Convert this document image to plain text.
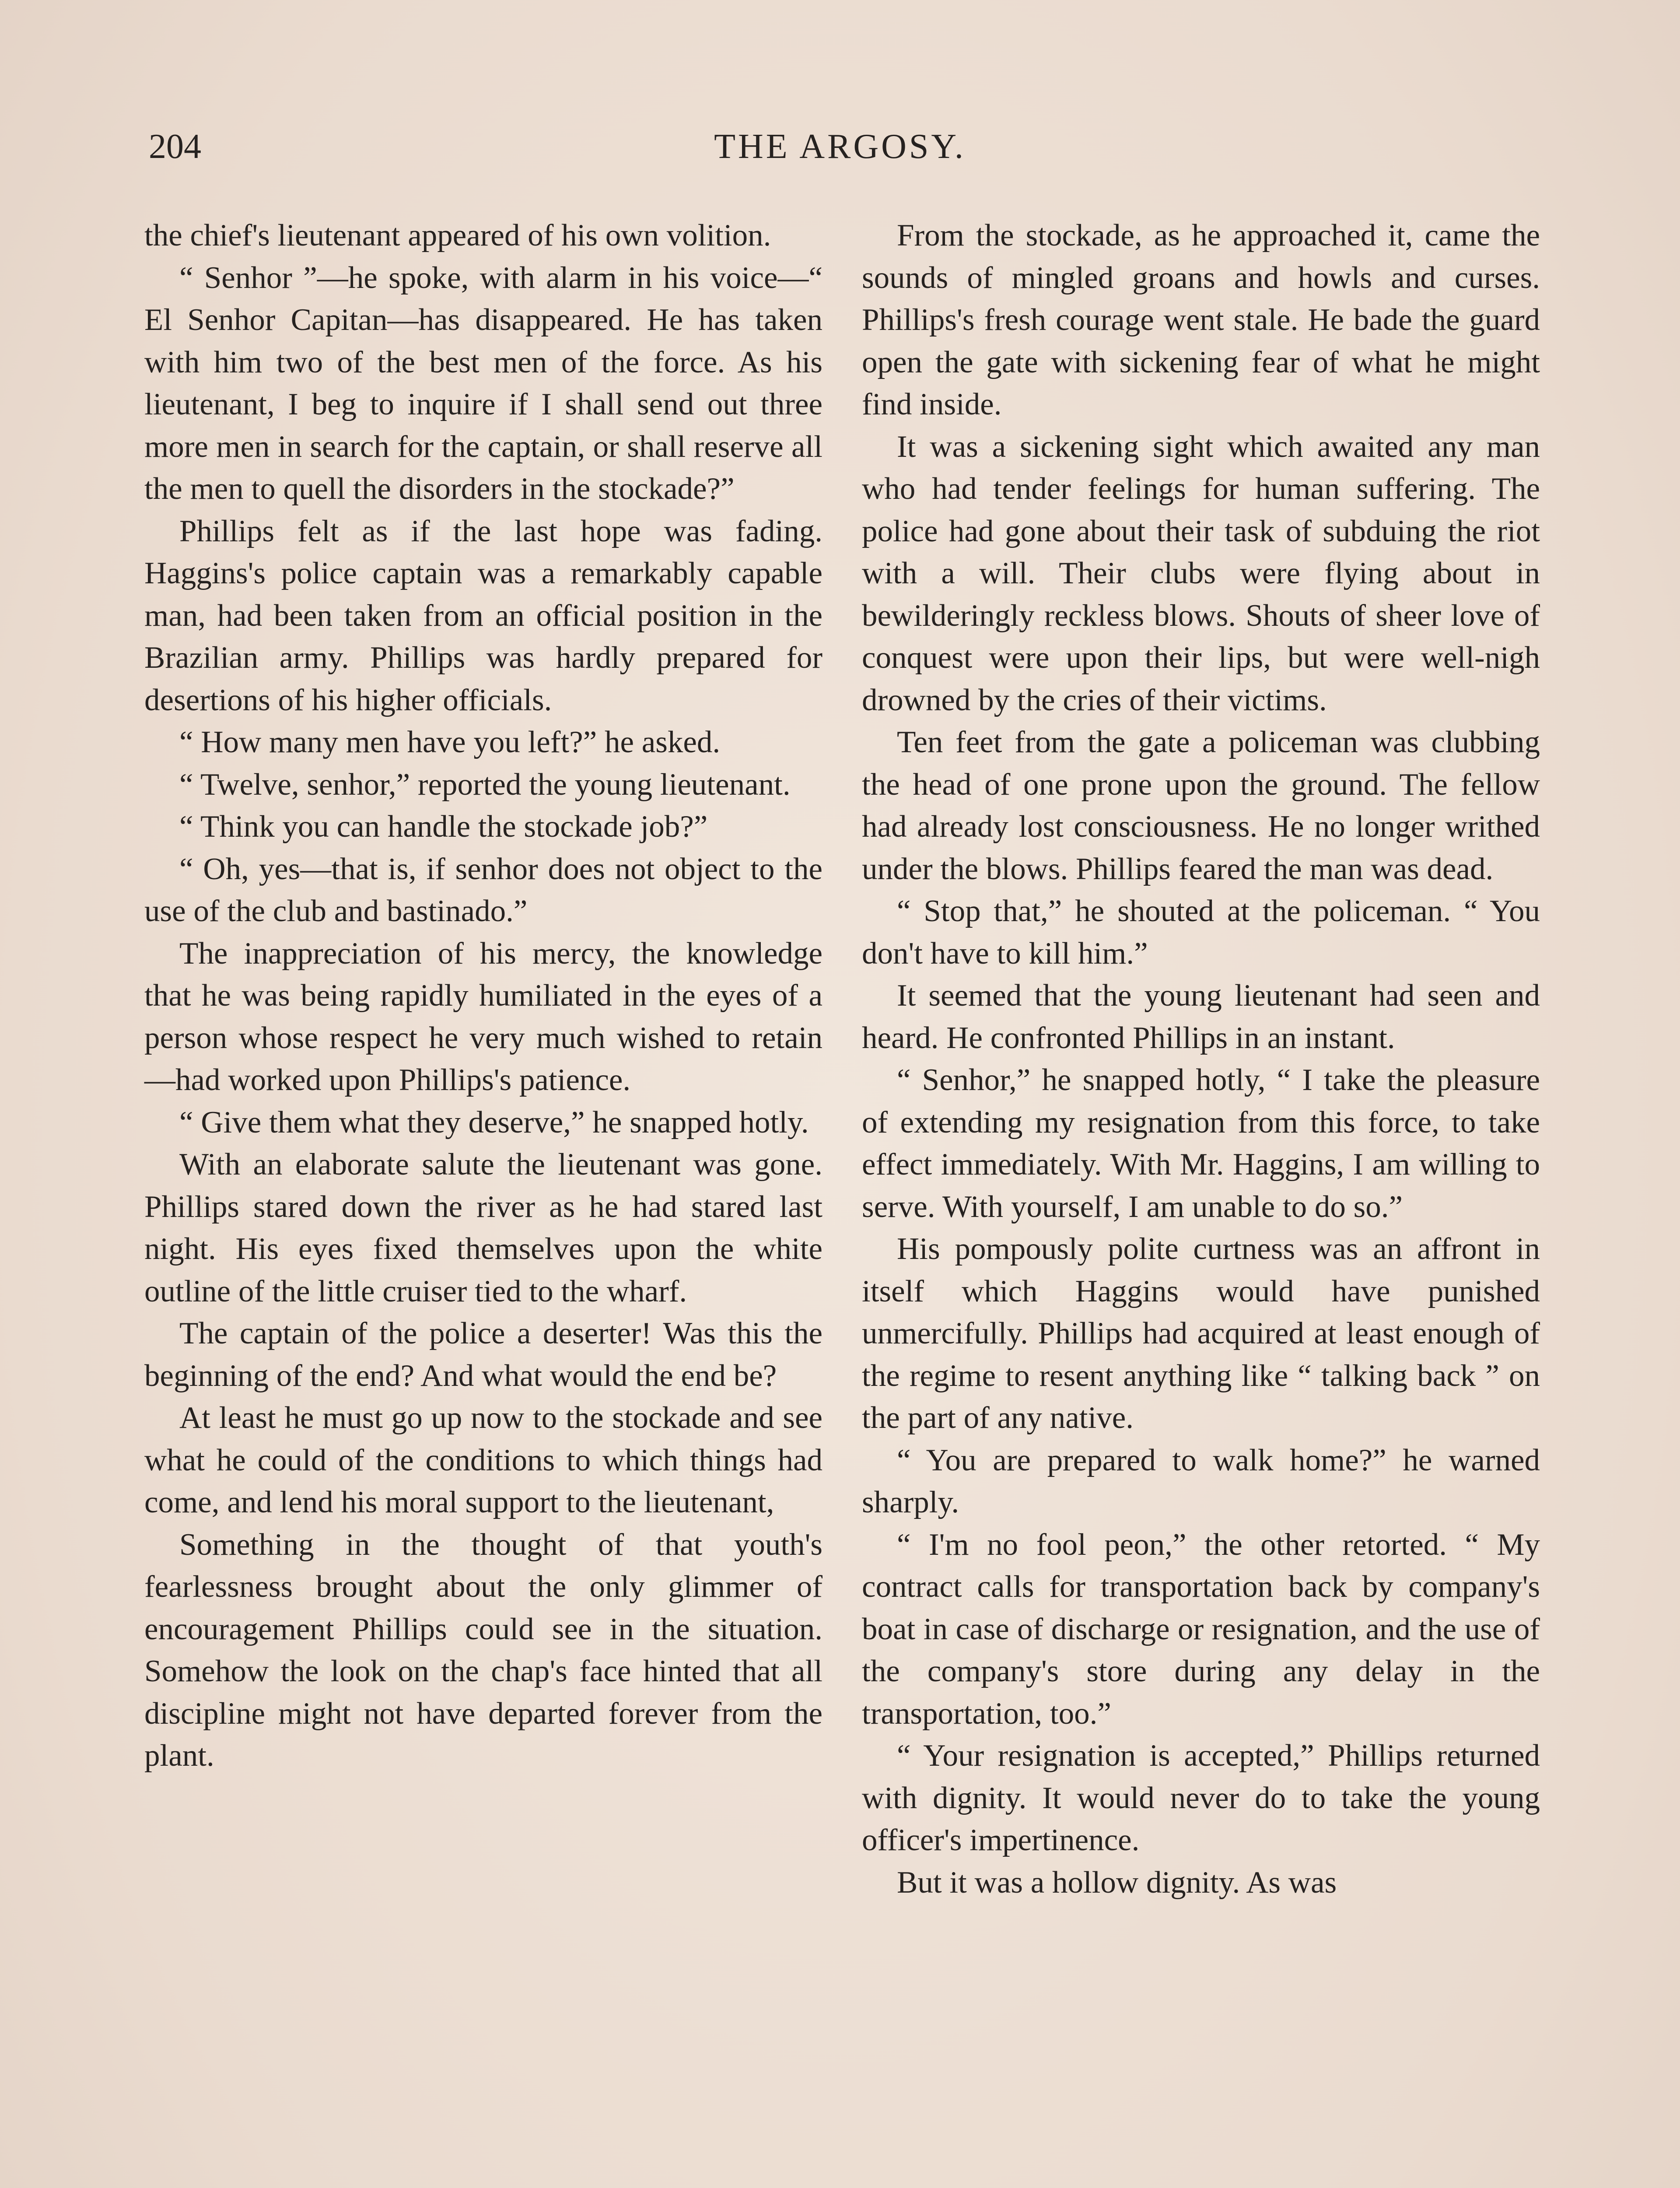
204	THE ARGOSY.

the chief's lieutenant appeared of his own volition.

“ Senhor ”—he spoke, with alarm in his voice—“ El Senhor Capitan—has disappeared. He has taken with him two of the best men of the force. As his lieutenant, I beg to inquire if I shall send out three more men in search for the captain, or shall reserve all the men to quell the disorders in the stockade?”

Phillips felt as if the last hope was fading. Haggins's police captain was a remarkably capable man, had been taken from an official position in the Brazilian army. Phillips was hardly prepared for desertions of his higher officials.

“ How many men have you left?” he asked.

“ Twelve, senhor,” reported the young lieutenant.

“ Think you can handle the stockade job?”

“ Oh, yes—that is, if senhor does not object to the use of the club and bastinado.”

The inappreciation of his mercy, the knowledge that he was being rapidly humiliated in the eyes of a person whose respect he very much wished to retain—had worked upon Phillips's patience.

“ Give them what they deserve,” he snapped hotly.

With an elaborate salute the lieutenant was gone. Phillips stared down the river as he had stared last night. His eyes fixed themselves upon the white outline of the little cruiser tied to the wharf.

The captain of the police a deserter! Was this the beginning of the end? And what would the end be?

At least he must go up now to the stockade and see what he could of the conditions to which things had come, and lend his moral support to the lieutenant,

Something in the thought of that youth's fearlessness brought about the only glimmer of encouragement Phillips could see in the situation. Somehow the look on the chap's face hinted that all discipline might not have departed forever from the plant.

From the stockade, as he approached it, came the sounds of mingled groans and howls and curses. Phillips's fresh courage went stale. He bade the guard open the gate with sickening fear of what he might find inside.

It was a sickening sight which awaited any man who had tender feelings for human suffering. The police had gone about their task of subduing the riot with a will. Their clubs were flying about in bewilderingly reckless blows. Shouts of sheer love of conquest were upon their lips, but were well-nigh drowned by the cries of their victims.

Ten feet from the gate a policeman was clubbing the head of one prone upon the ground. The fellow had already lost consciousness. He no longer writhed under the blows. Phillips feared the man was dead.

“ Stop that,” he shouted at the policeman. “ You don't have to kill him.”

It seemed that the young lieutenant had seen and heard. He confronted Phillips in an instant.

“ Senhor,” he snapped hotly, “ I take the pleasure of extending my resignation from this force, to take effect immediately. With Mr. Haggins, I am willing to serve. With yourself, I am unable to do so.”

His pompously polite curtness was an affront in itself which Haggins would have punished unmercifully. Phillips had acquired at least enough of the regime to resent anything like “ talking back ” on the part of any native.

“ You are prepared to walk home?” he warned sharply.

“ I'm no fool peon,” the other retorted. “ My contract calls for transportation back by company's boat in case of discharge or resignation, and the use of the company's store during any delay in the transportation, too.”

“ Your resignation is accepted,” Phillips returned with dignity. It would never do to take the young officer's impertinence.

But it was a hollow dignity. As was
